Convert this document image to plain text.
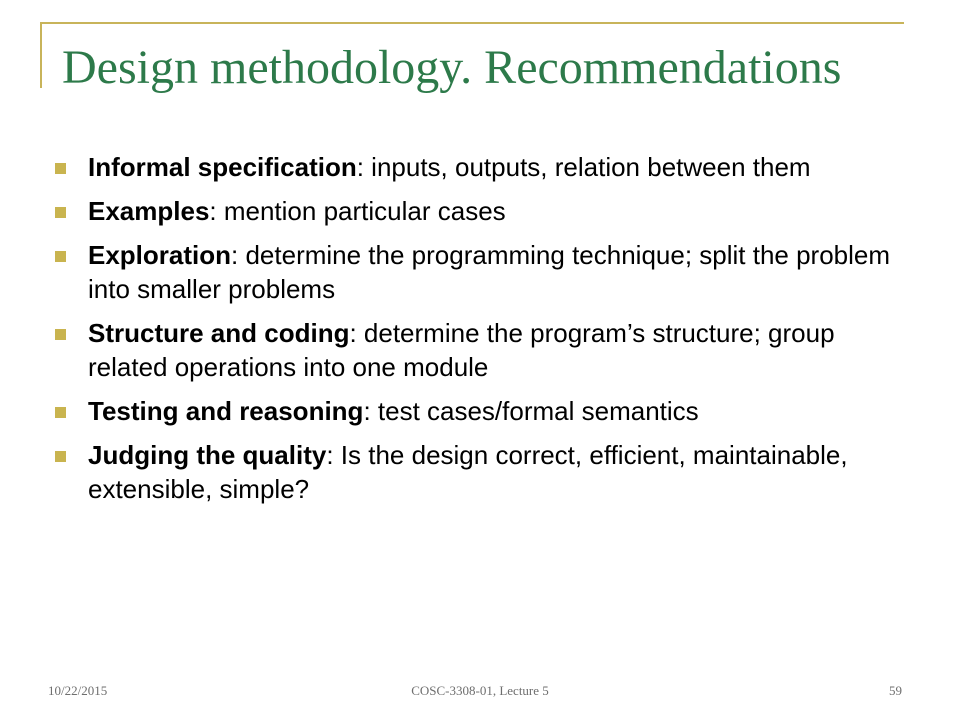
Design methodology. Recommendations
Informal specification: inputs, outputs, relation between them
Examples: mention particular cases
Exploration: determine the programming technique; split the problem into smaller problems
Structure and coding: determine the program’s structure; group related operations into one module
Testing and reasoning: test cases/formal semantics
Judging the quality: Is the design correct, efficient, maintainable, extensible, simple?
10/22/2015	COSC-3308-01, Lecture 5	59
